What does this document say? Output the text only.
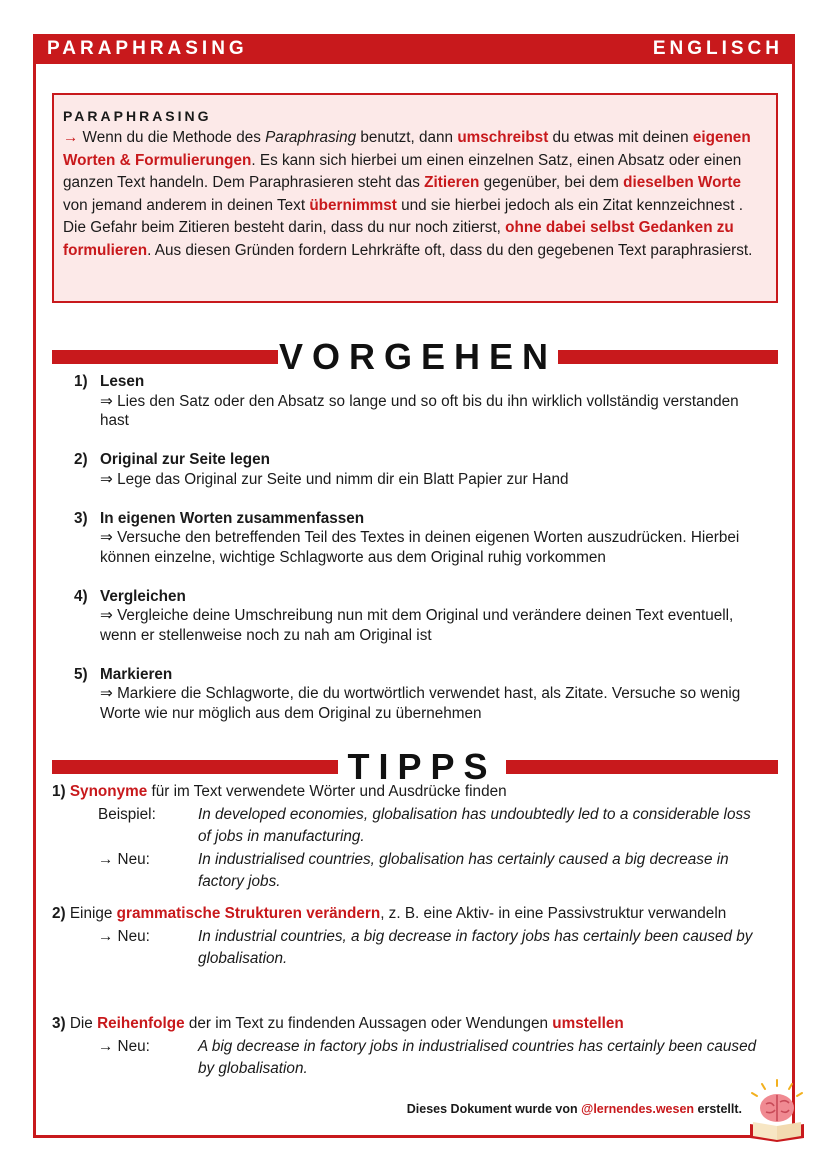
PARAPHRASING	ENGLISCH
PARAPHRASING
→ Wenn du die Methode des Paraphrasing benutzt, dann umschreibst du etwas mit deinen eigenen Worten & Formulierungen. Es kann sich hierbei um einen einzelnen Satz, einen Absatz oder einen ganzen Text handeln. Dem Paraphrasieren steht das Zitieren gegenüber, bei dem dieselben Worte von jemand anderem in deinen Text übernimmst und sie hierbei jedoch als ein Zitat kennzeichnest . Die Gefahr beim Zitieren besteht darin, dass du nur noch zitierst, ohne dabei selbst Gedanken zu formulieren. Aus diesen Gründen fordern Lehrkräfte oft, dass du den gegebenen Text paraphrasierst.
VORGEHEN
1) Lesen
⇒ Lies den Satz oder den Absatz so lange und so oft bis du ihn wirklich vollständig verstanden hast
2) Original zur Seite legen
⇒ Lege das Original zur Seite und nimm dir ein Blatt Papier zur Hand
3) In eigenen Worten zusammenfassen
⇒ Versuche den betreffenden Teil des Textes in deinen eigenen Worten auszudrücken. Hierbei können einzelne, wichtige Schlagworte aus dem Original ruhig vorkommen
4) Vergleichen
⇒ Vergleiche deine Umschreibung nun mit dem Original und verändere deinen Text eventuell, wenn er stellenweise noch zu nah am Original ist
5) Markieren
⇒ Markiere die Schlagworte, die du wortwörtlich verwendet hast, als Zitate. Versuche so wenig Worte wie nur möglich aus dem Original zu übernehmen
TIPPS
1) Synonyme für im Text verwendete Wörter und Ausdrücke finden
Beispiel:	In developed economies, globalisation has undoubtedly led to a considerable loss of jobs in manufacturing.
→ Neu:	In industrialised countries, globalisation has certainly caused a big decrease in factory jobs.
2) Einige grammatische Strukturen verändern, z. B. eine Aktiv- in eine Passivstruktur verwandeln
→ Neu:	In industrial countries, a big decrease in factory jobs has certainly been caused by globalisation.
3) Die Reihenfolge der im Text zu findenden Aussagen oder Wendungen umstellen
→ Neu:	A big decrease in factory jobs in industrialised countries has certainly been caused by globalisation.
Dieses Dokument wurde von @lernendes.wesen erstellt.
